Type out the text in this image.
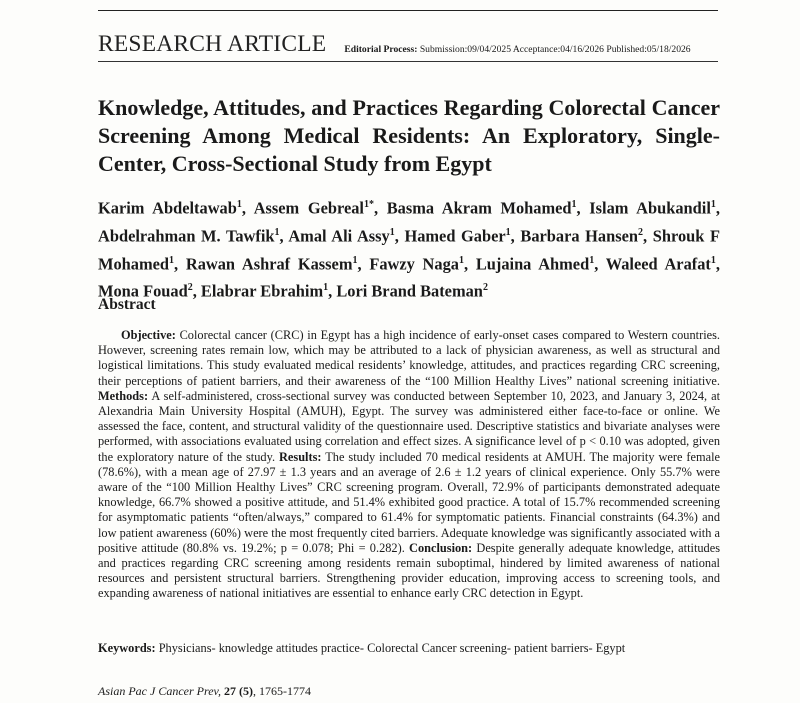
RESEARCH ARTICLE Editorial Process: Submission:09/04/2025 Acceptance:04/16/2026 Published:05/18/2026
Knowledge, Attitudes, and Practices Regarding Colorectal Cancer Screening Among Medical Residents: An Exploratory, Single-Center, Cross-Sectional Study from Egypt
Karim Abdeltawab$^1$, Assem Gebreal$^{1*}$, Basma Akram Mohamed$^1$, Islam Abukandil$^1$, Abdelrahman M. Tawfik$^1$, Amal Ali Assy$^1$, Hamed Gaber$^1$, Barbara Hansen$^2$, Shrouk F Mohamed$^1$, Rawan Ashraf Kassem$^1$, Fawzy Naga$^1$, Lujaina Ahmed$^1$, Waleed Arafat$^1$, Mona Fouad$^2$, Elabrar Ebrahim$^1$, Lori Brand Bateman$^2$
Abstract

Objective: Colorectal cancer (CRC) in Egypt has a high incidence of early-onset cases compared to Western countries. However, screening rates remain low, which may be attributed to a lack of physician awareness, as well as structural and logistical limitations. This study evaluated medical residents’ knowledge, attitudes, and practices regarding CRC screening, their perceptions of patient barriers, and their awareness of the “100 Million Healthy Lives” national screening initiative. Methods: A self-administered, cross-sectional survey was conducted between September 10, 2023, and January 3, 2024, at Alexandria Main University Hospital (AMUH), Egypt. The survey was administered either face-to-face or online. We assessed the face, content, and structural validity of the questionnaire used. Descriptive statistics and bivariate analyses were performed, with associations evaluated using correlation and effect sizes. A significance level of p < 0.10 was adopted, given the exploratory nature of the study. Results: The study included 70 medical residents at AMUH. The majority were female (78.6%), with a mean age of 27.97 ± 1.3 years and an average of 2.6 ± 1.2 years of clinical experience. Only 55.7% were aware of the “100 Million Healthy Lives” CRC screening program. Overall, 72.9% of participants demonstrated adequate knowledge, 66.7% showed a positive attitude, and 51.4% exhibited good practice. A total of 15.7% recommended screening for asymptomatic patients “often/always,” compared to 61.4% for symptomatic patients. Financial constraints (64.3%) and low patient awareness (60%) were the most frequently cited barriers. Adequate knowledge was significantly associated with a positive attitude (80.8% vs. 19.2%; p = 0.078; Phi = 0.282). Conclusion: Despite generally adequate knowledge, attitudes and practices regarding CRC screening among residents remain suboptimal, hindered by limited awareness of national resources and persistent structural barriers. Strengthening provider education, improving access to screening tools, and expanding awareness of national initiatives are essential to enhance early CRC detection in Egypt.

Keywords: Physicians- knowledge attitudes practice- Colorectal Cancer screening- patient barriers- Egypt
Asian Pac J Cancer Prev, 27 (5), 1765-1774
